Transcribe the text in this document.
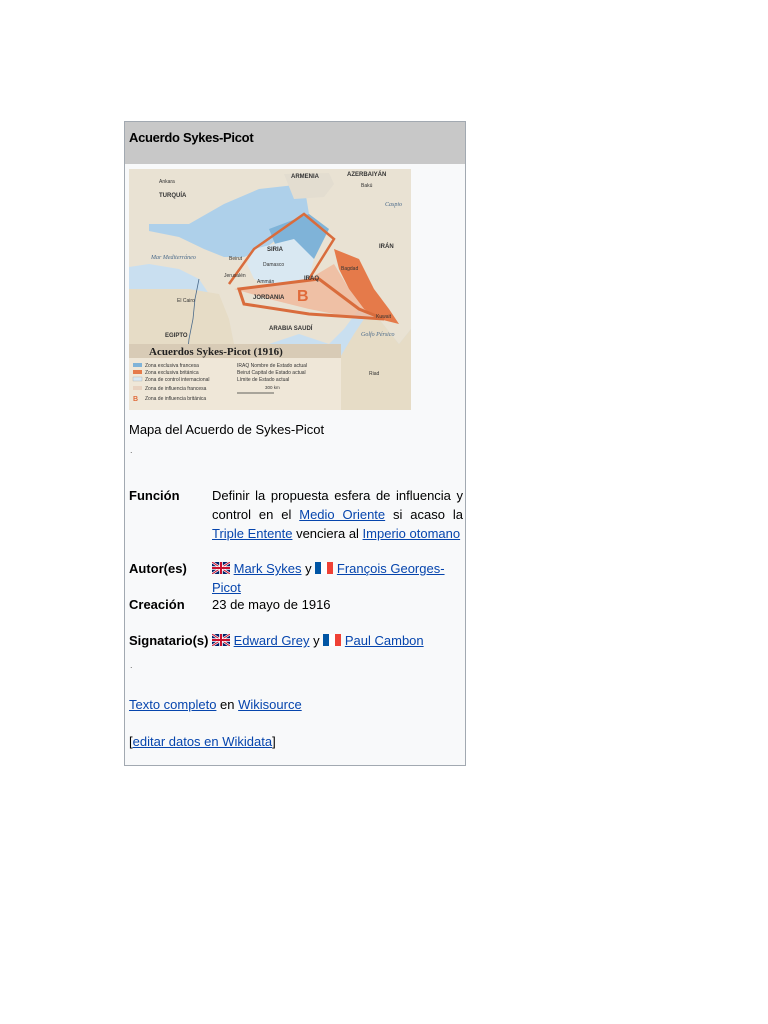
Acuerdo Sykes-Picot
ARMENIA	AZERBAIYÁN
Bakú
Ankara
TURQUÍA
Caspio
SIRIA
Mar Mediterráneo	Beirut
Damasco
IRÁN
IRAQ
Bagdad
Jerusalén
Ammán
JORDANIA B
El Cairo
EGIPTO
ARABIA SAUDÍ
Kuwait
Golfo Pérsico
Riad
Acuerdos Sykes-Picot (1916)
B
Zona exclusiva francesa
Zona exclusiva británica
Zona de control internacional
Zona de influencia francesa
Zona de influencia británica
IRAQ Nombre de Estado actual
Beirut Capital de Estado actual
Límite de Estado actual
300 km
Mapa del Acuerdo de Sykes-Picot
.
Función Definir la propuesta esfera de influencia y control en el Medio Oriente si acaso la Triple Entente venciera al Imperio otomano
Autor(es)	Mark Sykes y  François Georges-Picot
Creación 23 de mayo de 1916
Signatario(s)	Edward Grey y  Paul Cambon
.
Texto completo en Wikisource
[editar datos en Wikidata]
